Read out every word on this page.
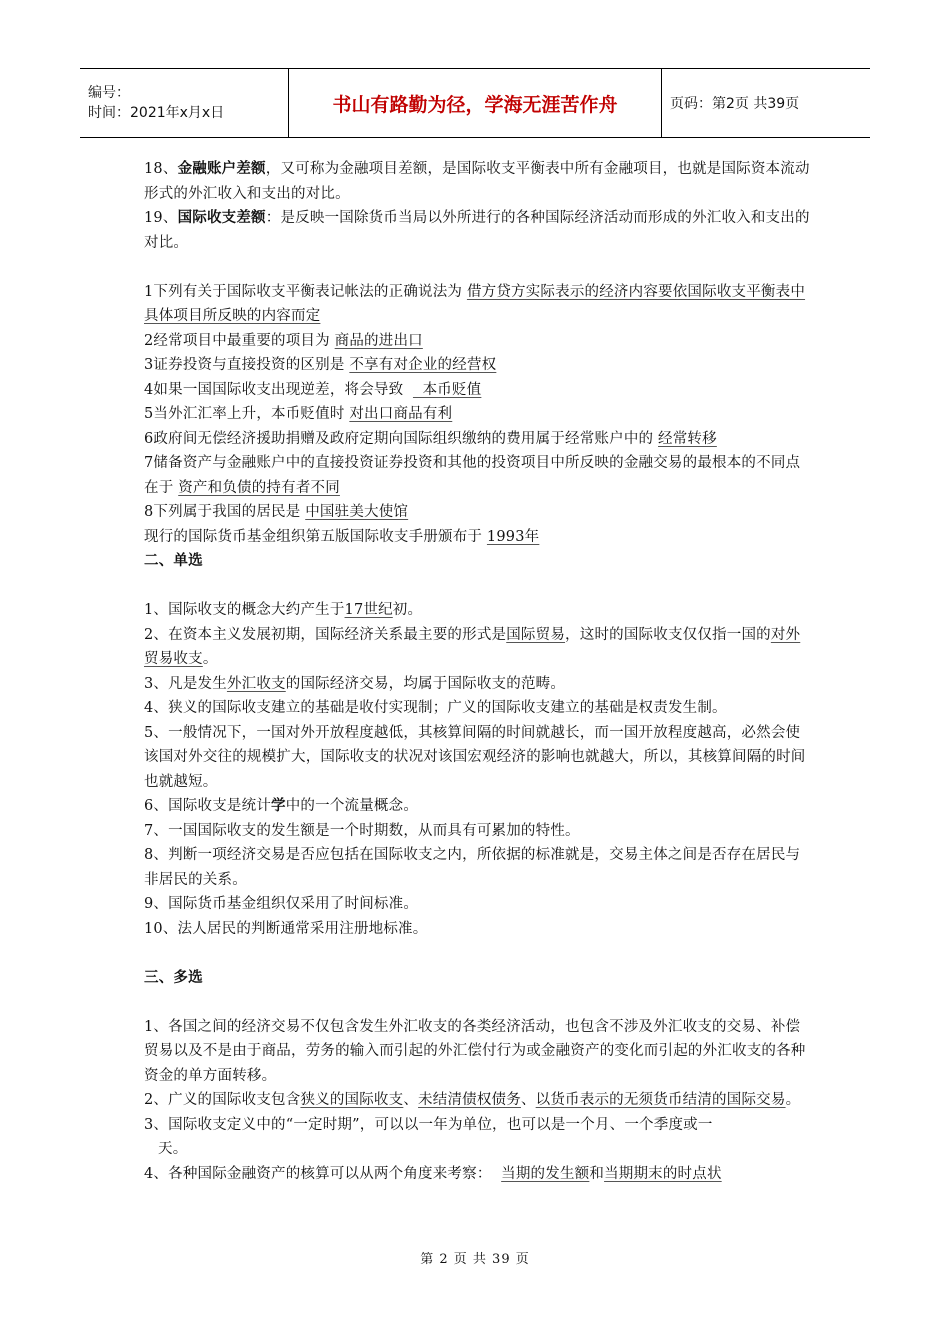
编号：
时间：2021年x月x日	书山有路勤为径，学海无涯苦作舟	页码：第2页 共39页

18、金融账户差额，又可称为金融项目差额，是国际收支平衡表中所有金融项目，也就是国际资本流动形式的外汇收入和支出的对比。

19、国际收支差额：是反映一国除货币当局以外所进行的各种国际经济活动而形成的外汇收入和支出的对比。

1下列有关于国际收支平衡表记帐法的正确说法为 借方贷方实际表示的经济内容要依国际收支平衡表中具体项目所反映的内容而定

2经常项目中最重要的项目为 商品的进出口

3证券投资与直接投资的区别是 不享有对企业的经营权

4如果一国国际收支出现逆差，将会导致    本币贬值

5当外汇汇率上升，本币贬值时 对出口商品有利

6政府间无偿经济援助捐赠及政府定期向国际组织缴纳的费用属于经常账户中的 经常转移

7储备资产与金融账户中的直接投资证券投资和其他的投资项目中所反映的金融交易的最根本的不同点在于 资产和负债的持有者不同

8下列属于我国的居民是 中国驻美大使馆

现行的国际货币基金组织第五版国际收支手册颁布于 1993年

二、单选

1、国际收支的概念大约产生于17世纪初。

2、在资本主义发展初期，国际经济关系最主要的形式是国际贸易，这时的国际收支仅仅指一国的对外贸易收支。

3、凡是发生外汇收支的国际经济交易，均属于国际收支的范畴。

4、狭义的国际收支建立的基础是收付实现制；广义的国际收支建立的基础是权责发生制。

5、一般情况下，一国对外开放程度越低，其核算间隔的时间就越长，而一国开放程度越高，必然会使该国对外交往的规模扩大，国际收支的状况对该国宏观经济的影响也就越大，所以，其核算间隔的时间也就越短。

6、国际收支是统计学中的一个流量概念。

7、一国国际收支的发生额是一个时期数，从而具有可累加的特性。

8、判断一项经济交易是否应包括在国际收支之内，所依据的标准就是，交易主体之间是否存在居民与非居民的关系。

9、国际货币基金组织仅采用了时间标准。

10、法人居民的判断通常采用注册地标准。

三、多选

1、各国之间的经济交易不仅包含发生外汇收支的各类经济活动，也包含不涉及外汇收支的交易、补偿贸易以及不是由于商品，劳务的输入而引起的外汇偿付行为或金融资产的变化而引起的外汇收支的各种资金的单方面转移。

2、广义的国际收支包含狭义的国际收支、未结清债权债务、以货币表示的无须货币结清的国际交易。

3、国际收支定义中的“一定时期”，可以以一年为单位，也可以是一个月、一个季度或一

天。

4、各种国际金融资产的核算可以从两个角度来考察：  当期的发生额和当期期末的时点状

第 2 页 共 39 页
